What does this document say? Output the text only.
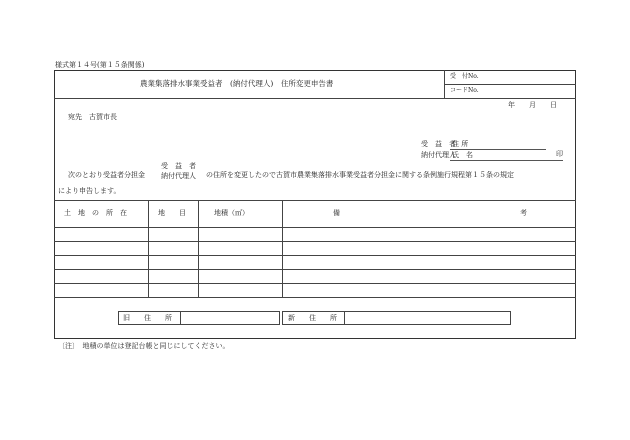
様式第１４号(第１５条関係)
農業集落排水事業受益者　(納付代理人)　住所変更申告書
受　付No.
コードNo.
年　　月　　日
宛先　古賀市長
受　益　者
住 所
納付代理人
氏　名	印
次のとおり受益者分担金
受　益　者
納付代理人 の住所を変更したので古賀市農業集落排水事業受益者分担金に関する条例施行規程第１５条の規定
により申告します。
土　地　の　所　在	地　　目	地積（㎡）	備	考
旧　　住　　所	新　　住　　所
〔注〕　地積の単位は登記台帳と同じにしてください。
